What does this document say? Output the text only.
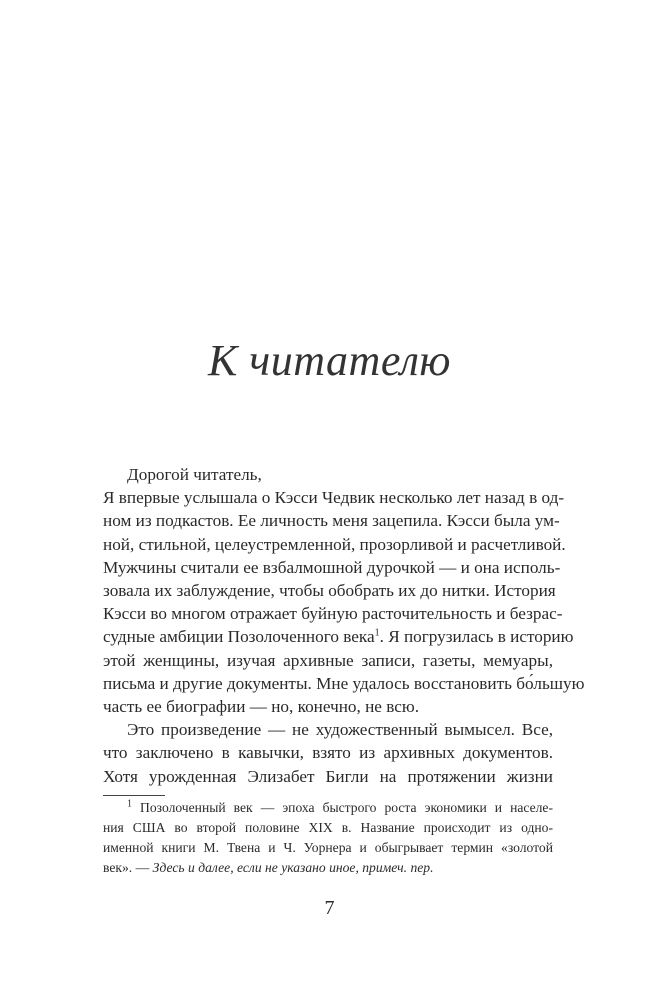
К читателю
Дорогой читатель,
Я впервые услышала о Кэсси Чедвик несколько лет назад в од-
ном из подкастов. Ее личность меня зацепила. Кэсси была ум-
ной, стильной, целеустремленной, прозорливой и расчетливой.
Мужчины считали ее взбалмошной дурочкой — и она исполь-
зовала их заблуждение, чтобы обобрать их до нитки. История
Кэсси во многом отражает буйную расточительность и безрас-
судные амбиции Позолоченного века$^1$. Я погрузилась в историю
этой женщины, изучая архивные записи, газеты, мемуары,
письма и другие документы. Мне удалось восстановить бо́льшую
часть ее биографии — но, конечно, не всю.
Это произведение — не художественный вымысел. Все,
что заключено в кавычки, взято из архивных документов.
Хотя урожденная Элизабет Бигли на протяжении жизни
$^1$ Позолоченный век — эпоха быстрого роста экономики и населе-
ния США во второй половине XIX в. Название происходит из одно-
именной книги М. Твена и Ч. Уорнера и обыгрывает термин «золотой
век». — Здесь и далее, если не указано иное, примеч. пер.
7
